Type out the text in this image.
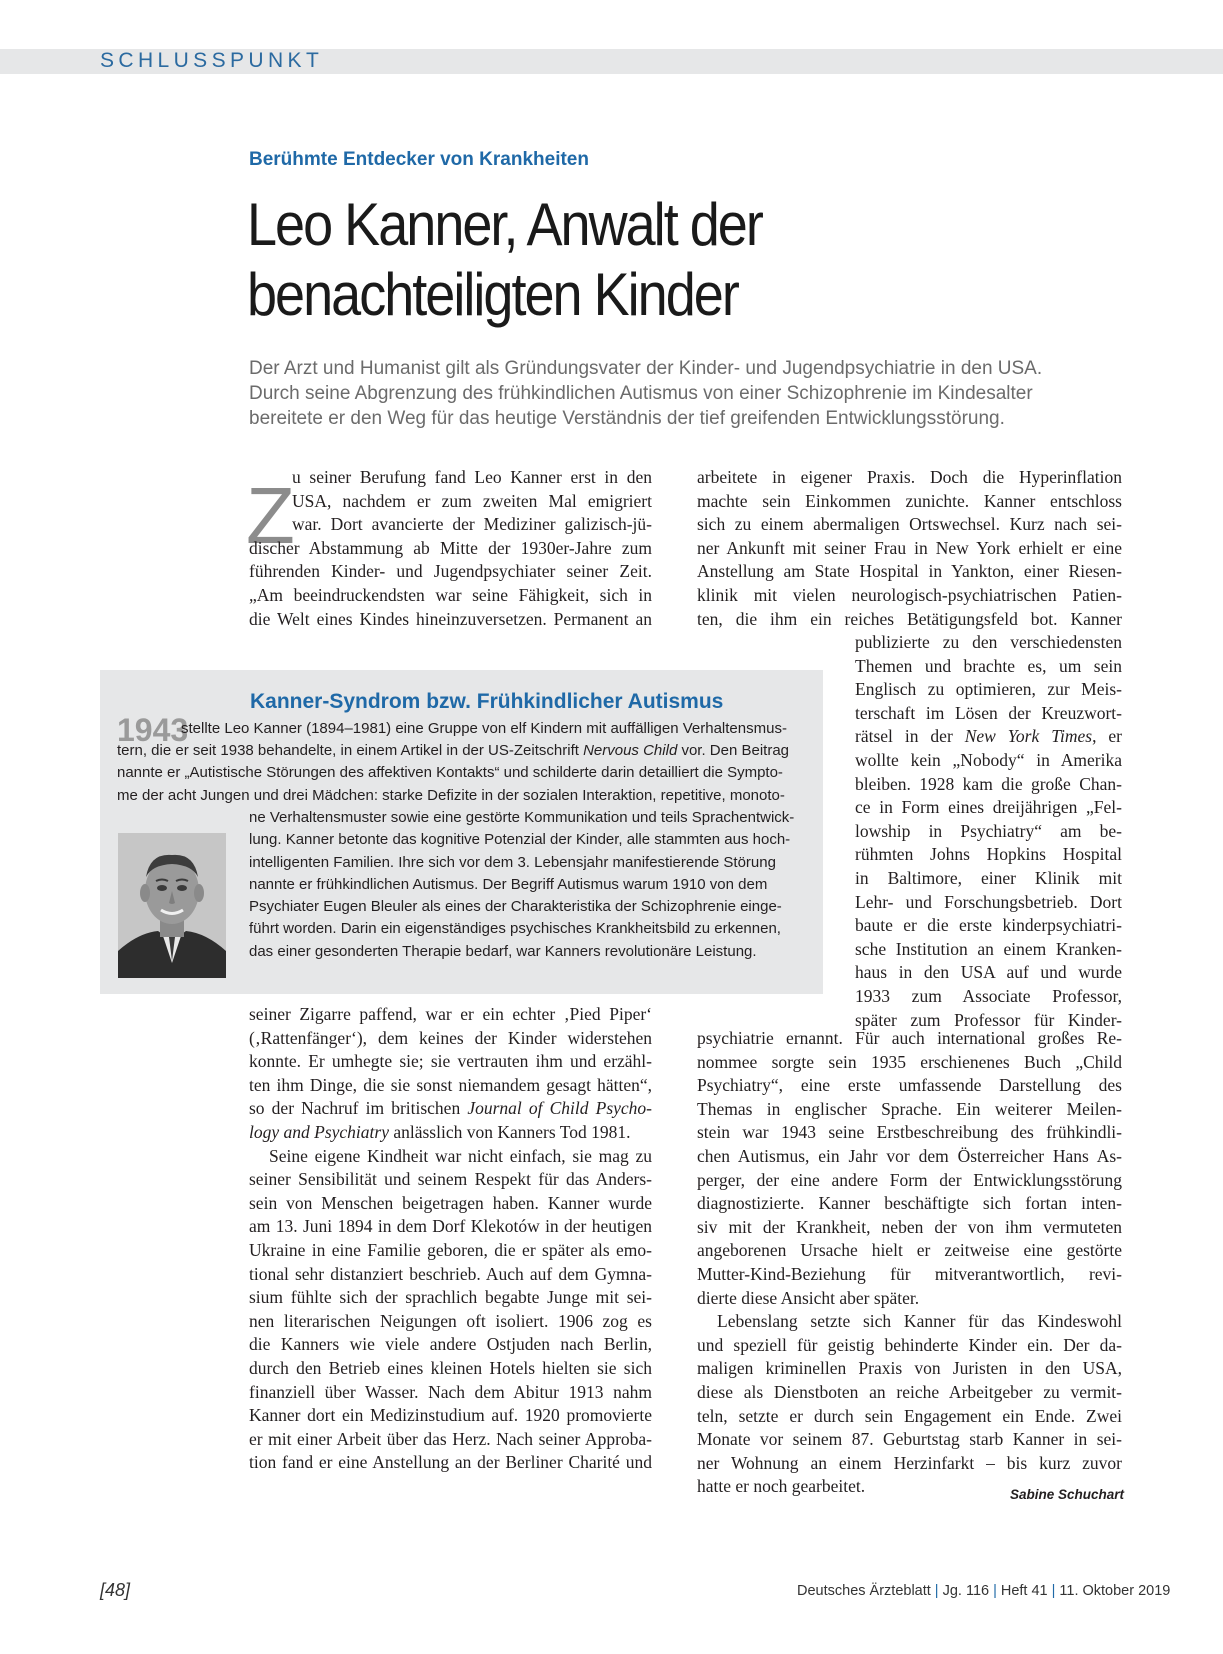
SCHLUSSPUNKT
Berühmte Entdecker von Krankheiten
Leo Kanner, Anwalt der
benachteiligten Kinder
Der Arzt und Humanist gilt als Gründungsvater der Kinder- und Jugendpsychiatrie in den USA.
Durch seine Abgrenzung des frühkindlichen Autismus von einer Schizophrenie im Kindesalter
bereitete er den Weg für das heutige Verständnis der tief greifenden Entwicklungsstörung.
Z
u seiner Berufung fand Leo Kanner erst in den
USA, nachdem er zum zweiten Mal emigriert
war. Dort avancierte der Mediziner galizisch-jü-
discher Abstammung ab Mitte der 1930er-Jahre zum
führenden Kinder- und Jugendpsychiater seiner Zeit.
„Am beeindruckendsten war seine Fähigkeit, sich in
die Welt eines Kindes hineinzuversetzen. Permanent an
Kanner-Syndrom bzw. Frühkindlicher Autismus
1943
stellte Leo Kanner (1894–1981) eine Gruppe von elf Kindern mit auffälligen Verhaltensmus-
tern, die er seit 1938 behandelte, in einem Artikel in der US-Zeitschrift Nervous Child vor. Den Beitrag
nannte er „Autistische Störungen des affektiven Kontakts“ und schilderte darin detailliert die Sympto-
me der acht Jungen und drei Mädchen: starke Defizite in der sozialen Interaktion, repetitive, monoto-
ne Verhaltensmuster sowie eine gestörte Kommunikation und teils Sprachentwick-
lung. Kanner betonte das kognitive Potenzial der Kinder, alle stammten aus hoch-
intelligenten Familien. Ihre sich vor dem 3. Lebensjahr manifestierende Störung
nannte er frühkindlichen Autismus. Der Begriff Autismus warum 1910 von dem
Psychiater Eugen Bleuler als eines der Charakteristika der Schizophrenie einge-
führt worden. Darin ein eigenständiges psychisches Krankheitsbild zu erkennen,
das einer gesonderten Therapie bedarf, war Kanners revolutionäre Leistung.
seiner Zigarre paffend, war er ein echter ‚Pied Piper‘
(‚Rattenfänger‘), dem keines der Kinder widerstehen
konnte. Er umhegte sie; sie vertrauten ihm und erzähl-
ten ihm Dinge, die sie sonst niemandem gesagt hätten“,
so der Nachruf im britischen Journal of Child Psycho-
logy and Psychiatry anlässlich von Kanners Tod 1981.
Seine eigene Kindheit war nicht einfach, sie mag zu
seiner Sensibilität und seinem Respekt für das Anders-
sein von Menschen beigetragen haben. Kanner wurde
am 13. Juni 1894 in dem Dorf Klekotów in der heutigen
Ukraine in eine Familie geboren, die er später als emo-
tional sehr distanziert beschrieb. Auch auf dem Gymna-
sium fühlte sich der sprachlich begabte Junge mit sei-
nen literarischen Neigungen oft isoliert. 1906 zog es
die Kanners wie viele andere Ostjuden nach Berlin,
durch den Betrieb eines kleinen Hotels hielten sie sich
finanziell über Wasser. Nach dem Abitur 1913 nahm
Kanner dort ein Medizinstudium auf. 1920 promovierte
er mit einer Arbeit über das Herz. Nach seiner Approba-
tion fand er eine Anstellung an der Berliner Charité und
arbeitete in eigener Praxis. Doch die Hyperinflation
machte sein Einkommen zunichte. Kanner entschloss
sich zu einem abermaligen Ortswechsel. Kurz nach sei-
ner Ankunft mit seiner Frau in New York erhielt er eine
Anstellung am State Hospital in Yankton, einer Riesen-
klinik mit vielen neurologisch-psychiatrischen Patien-
ten, die ihm ein reiches Betätigungsfeld bot. Kanner
publizierte zu den verschiedensten
Themen und brachte es, um sein
Englisch zu optimieren, zur Meis-
terschaft im Lösen der Kreuzwort-
rätsel in der New York Times, er
wollte kein „Nobody“ in Amerika
bleiben. 1928 kam die große Chan-
ce in Form eines dreijährigen „Fel-
lowship in Psychiatry“ am be-
rühmten Johns Hopkins Hospital
in Baltimore, einer Klinik mit
Lehr- und Forschungsbetrieb. Dort
baute er die erste kinderpsychiatri-
sche Institution an einem Kranken-
haus in den USA auf und wurde
1933 zum Associate Professor,
später zum Professor für Kinder-
psychiatrie ernannt. Für auch international großes Re-
nommee sorgte sein 1935 erschienenes Buch „Child
Psychiatry“, eine erste umfassende Darstellung des
Themas in englischer Sprache. Ein weiterer Meilen-
stein war 1943 seine Erstbeschreibung des frühkindli-
chen Autismus, ein Jahr vor dem Österreicher Hans As-
perger, der eine andere Form der Entwicklungsstörung
diagnostizierte. Kanner beschäftigte sich fortan inten-
siv mit der Krankheit, neben der von ihm vermuteten
angeborenen Ursache hielt er zeitweise eine gestörte
Mutter-Kind-Beziehung für mitverantwortlich, revi-
dierte diese Ansicht aber später.
Lebenslang setzte sich Kanner für das Kindeswohl
und speziell für geistig behinderte Kinder ein. Der da-
maligen kriminellen Praxis von Juristen in den USA,
diese als Dienstboten an reiche Arbeitgeber zu vermit-
teln, setzte er durch sein Engagement ein Ende. Zwei
Monate vor seinem 87. Geburtstag starb Kanner in sei-
ner Wohnung an einem Herzinfarkt – bis kurz zuvor
hatte er noch gearbeitet.	Sabine Schuchart
[48]	Deutsches Ärzteblatt | Jg. 116 | Heft 41 | 11. Oktober 2019
